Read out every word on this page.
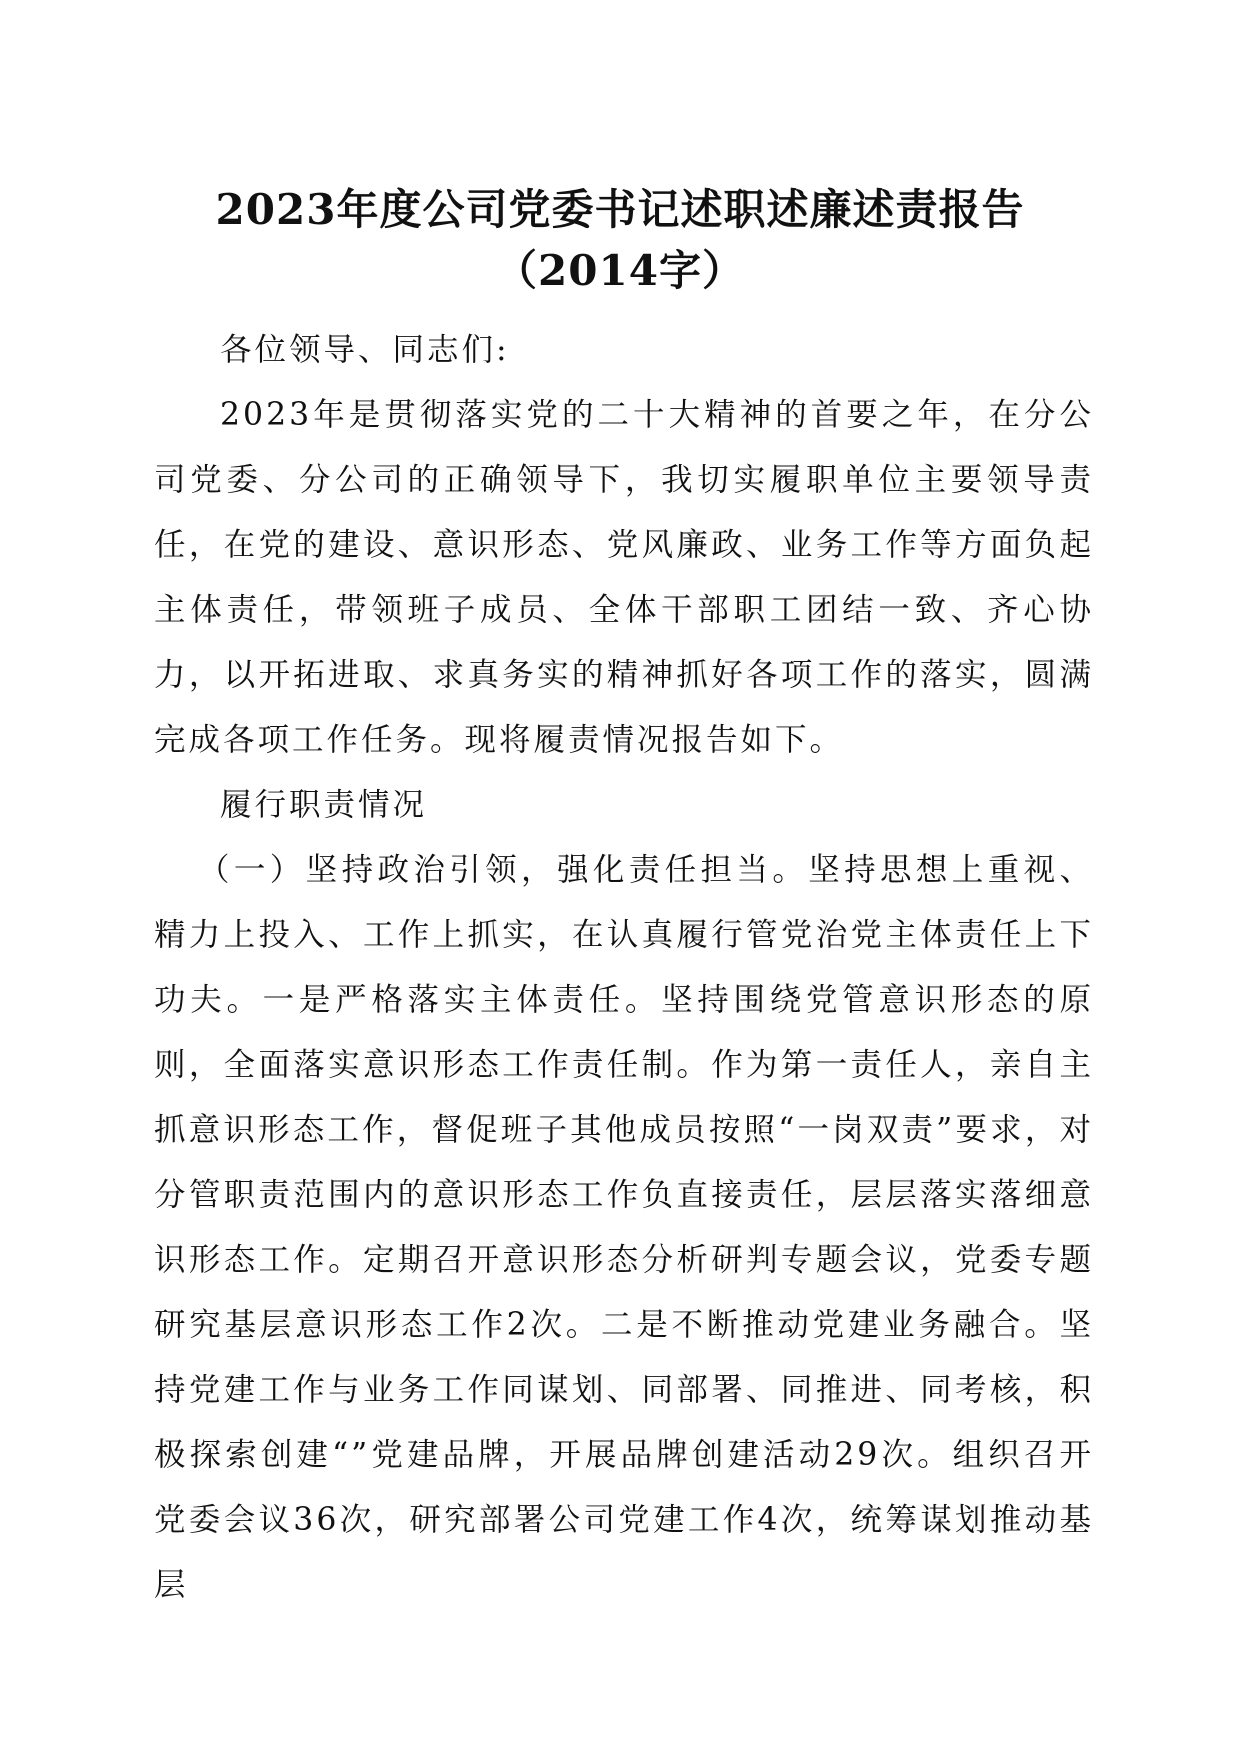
2023年度公司党委书记述职述廉述责报告
（2014字）

各位领导、同志们:

2023年是贯彻落实党的二十大精神的首要之年，在分公司党委、分公司的正确领导下，我切实履职单位主要领导责任，在党的建设、意识形态、党风廉政、业务工作等方面负起主体责任，带领班子成员、全体干部职工团结一致、齐心协力，以开拓进取、求真务实的精神抓好各项工作的落实，圆满完成各项工作任务。现将履责情况报告如下。

履行职责情况

（一）坚持政治引领，强化责任担当。坚持思想上重视、精力上投入、工作上抓实，在认真履行管党治党主体责任上下功夫。一是严格落实主体责任。坚持围绕党管意识形态的原则，全面落实意识形态工作责任制。作为第一责任人，亲自主抓意识形态工作，督促班子其他成员按照“一岗双责”要求，对分管职责范围内的意识形态工作负直接责任，层层落实落细意识形态工作。定期召开意识形态分析研判专题会议，党委专题研究基层意识形态工作2次。二是不断推动党建业务融合。坚持党建工作与业务工作同谋划、同部署、同推进、同考核，积极探索创建“”党建品牌，开展品牌创建活动29次。组织召开党委会议36次，研究部署公司党建工作4次，统筹谋划推动基层
